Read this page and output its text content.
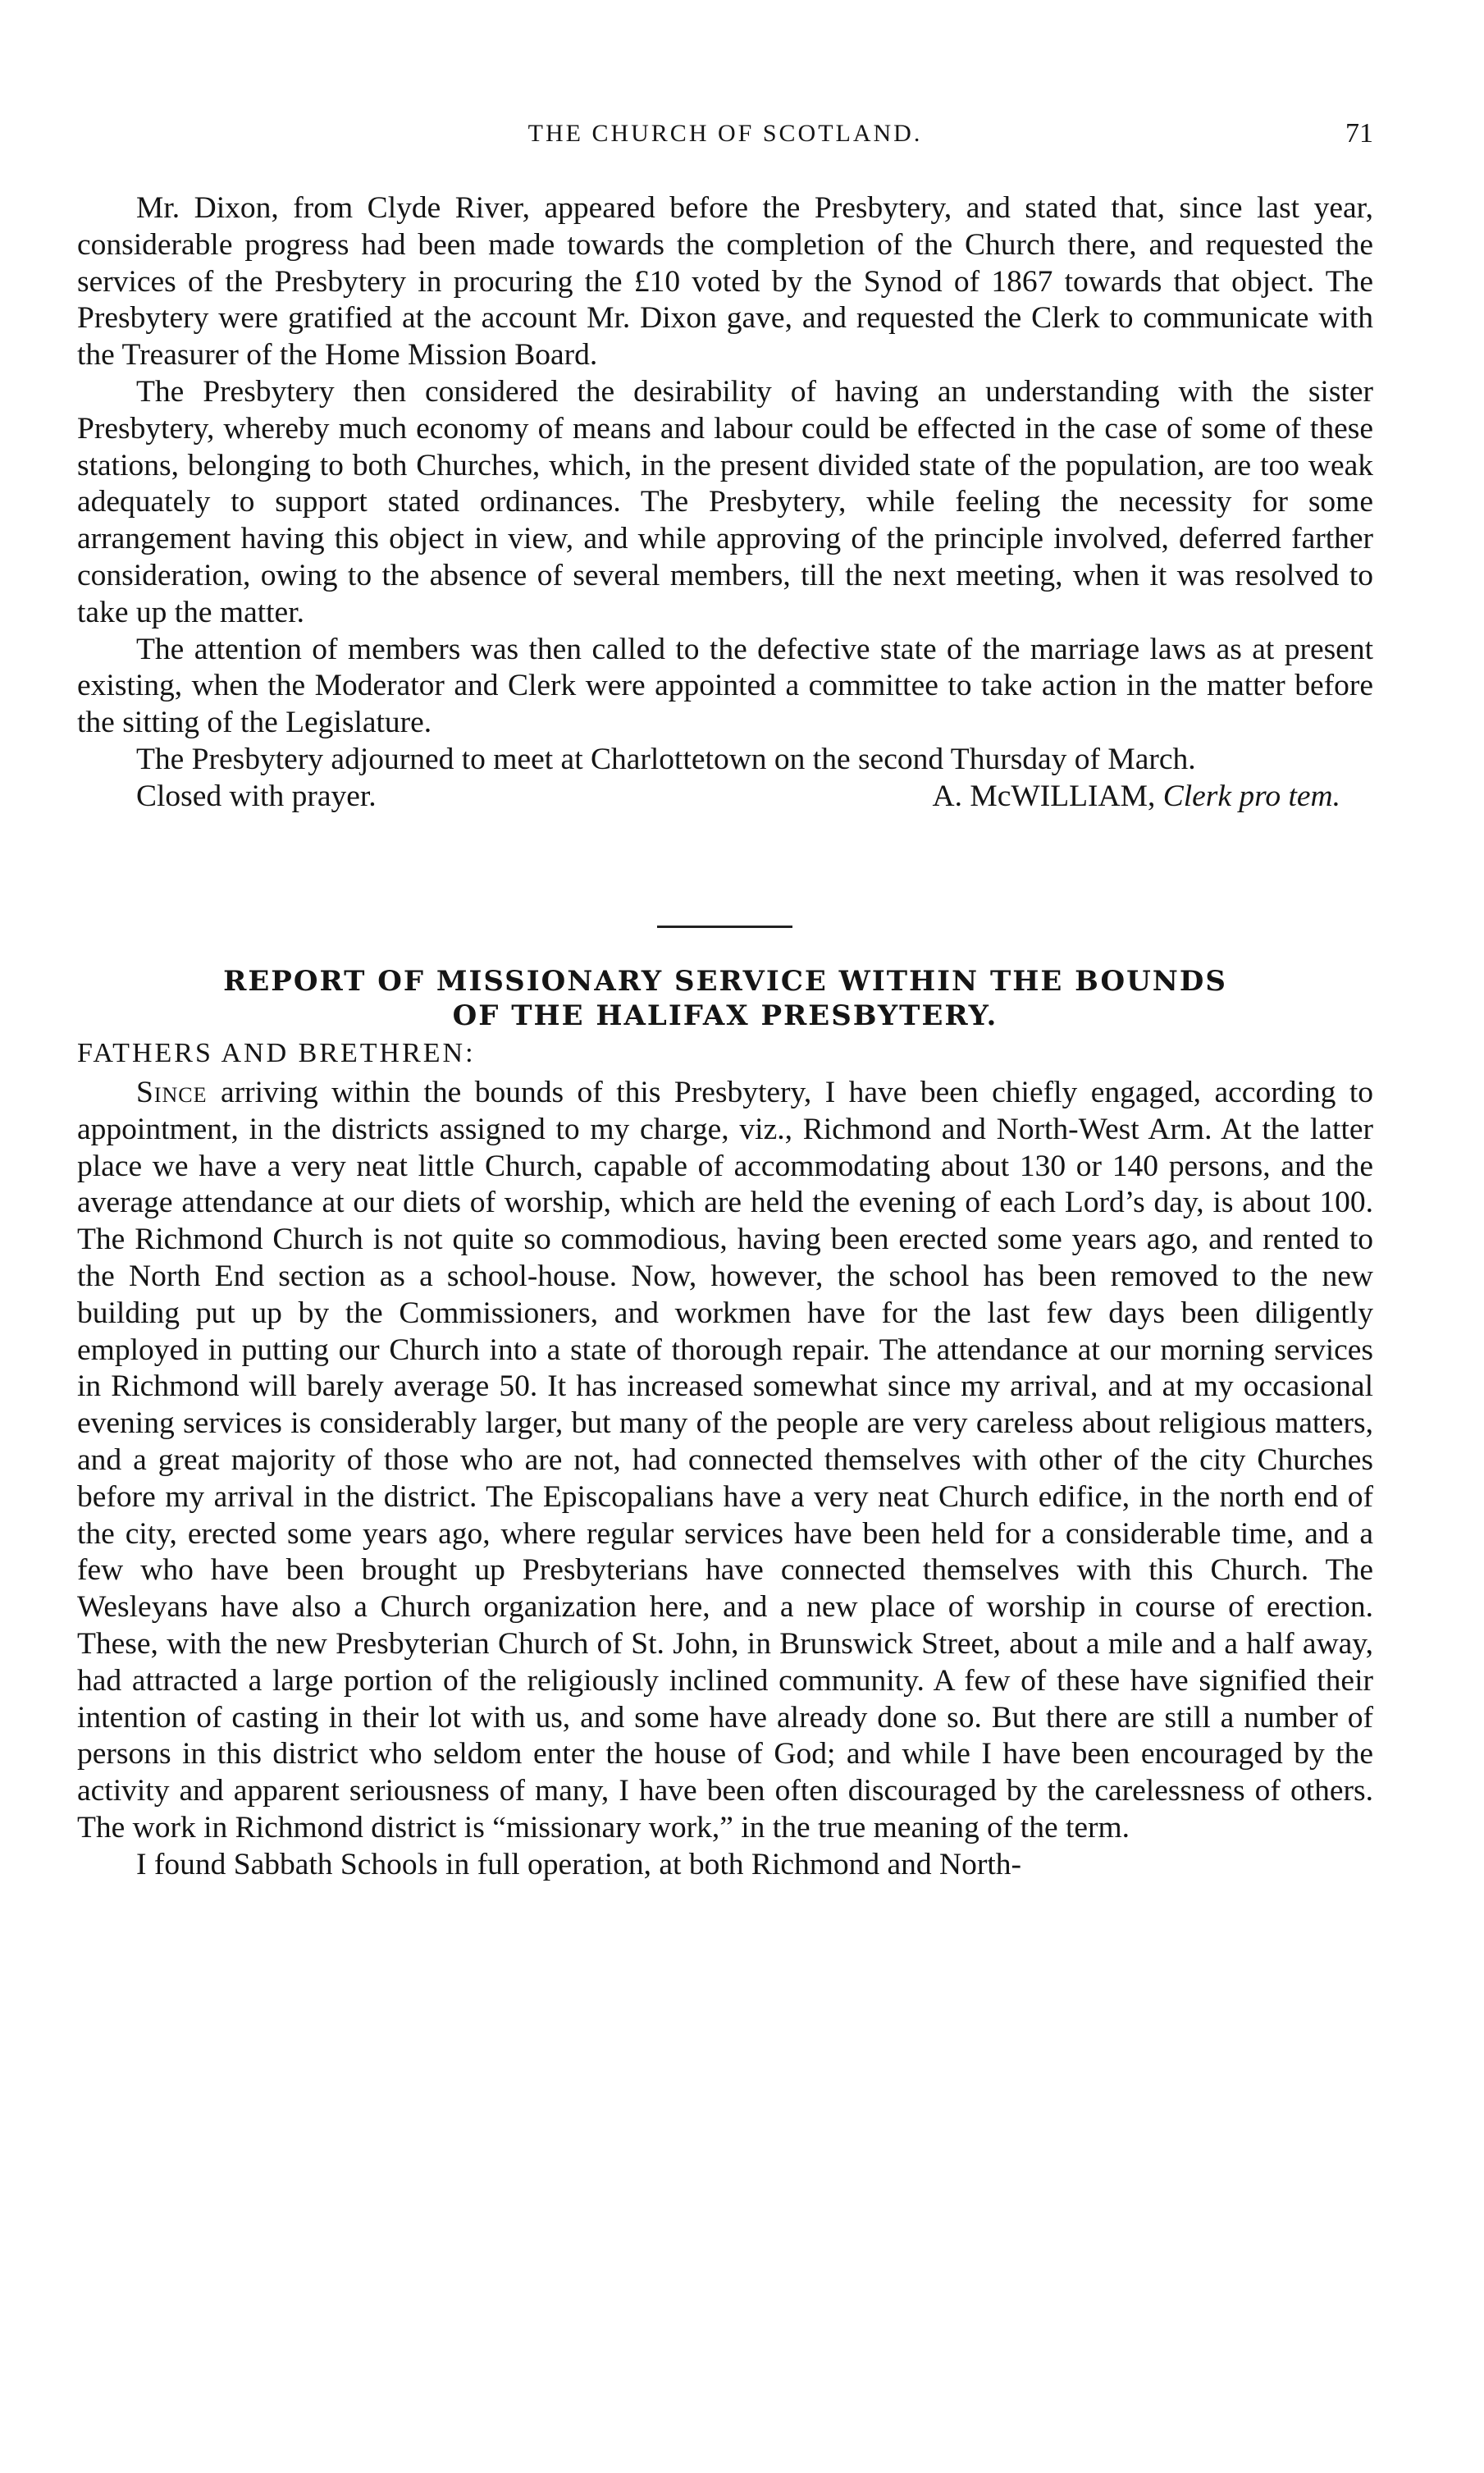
THE CHURCH OF SCOTLAND.	71

Mr. Dixon, from Clyde River, appeared before the Presbytery, and stated that, since last year, considerable progress had been made towards the completion of the Church there, and requested the services of the Presbytery in procuring the £10 voted by the Synod of 1867 towards that object. The Presbytery were gratified at the account Mr. Dixon gave, and requested the Clerk to communicate with the Treasurer of the Home Mission Board.

The Presbytery then considered the desirability of having an understanding with the sister Presbytery, whereby much economy of means and labour could be effected in the case of some of these stations, belonging to both Churches, which, in the present divided state of the population, are too weak adequately to support stated ordinances. The Presbytery, while feeling the necessity for some arrangement having this object in view, and while approving of the principle involved, deferred farther consideration, owing to the absence of several members, till the next meeting, when it was resolved to take up the matter.

The attention of members was then called to the defective state of the marriage laws as at present existing, when the Moderator and Clerk were appointed a committee to take action in the matter before the sitting of the Legislature.

The Presbytery adjourned to meet at Charlottetown on the second Thursday of March.

Closed with prayer.	A. McWILLIAM, Clerk pro tem.
REPORT OF MISSIONARY SERVICE WITHIN THE BOUNDS
OF THE HALIFAX PRESBYTERY.
FATHERS AND BRETHREN:

Since arriving within the bounds of this Presbytery, I have been chiefly engaged, according to appointment, in the districts assigned to my charge, viz., Richmond and North-West Arm. At the latter place we have a very neat little Church, capable of accommodating about 130 or 140 persons, and the average attendance at our diets of worship, which are held the evening of each Lord’s day, is about 100. The Richmond Church is not quite so commodious, having been erected some years ago, and rented to the North End section as a school-house. Now, however, the school has been removed to the new building put up by the Commissioners, and workmen have for the last few days been diligently employed in putting our Church into a state of thorough repair. The attendance at our morning services in Richmond will barely average 50. It has increased somewhat since my arrival, and at my occasional evening services is considerably larger, but many of the people are very careless about religious matters, and a great majority of those who are not, had connected themselves with other of the city Churches before my arrival in the district. The Episcopalians have a very neat Church edifice, in the north end of the city, erected some years ago, where regular services have been held for a considerable time, and a few who have been brought up Presbyterians have connected themselves with this Church. The Wesleyans have also a Church organization here, and a new place of worship in course of erection. These, with the new Presbyterian Church of St. John, in Brunswick Street, about a mile and a half away, had attracted a large portion of the religiously inclined community. A few of these have signified their intention of casting in their lot with us, and some have already done so. But there are still a number of persons in this district who seldom enter the house of God; and while I have been encouraged by the activity and apparent seriousness of many, I have been often discouraged by the carelessness of others. The work in Richmond district is “missionary work,” in the true meaning of the term.

I found Sabbath Schools in full operation, at both Richmond and North-
